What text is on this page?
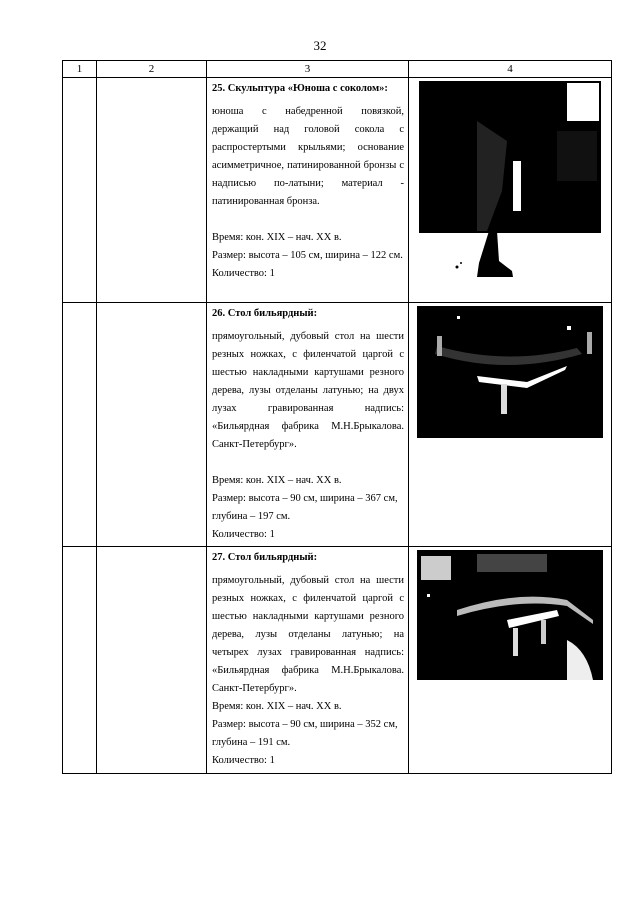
32
1	2	3	4

		25. Скульптура «Юноша с соколом»:
юноша с набедренной повязкой, держащий над головой сокола с распростертыми крыльями; основание асимметричное, патинированной бронзы с надписью по-латыни; материал - патинированная бронза.
Время: кон. XIX – нач. XX в.
Размер: высота – 105 см, ширина – 122 см.
Количество: 1

		26. Стол бильярдный:
прямоугольный, дубовый стол на шести резных ножках, с филенчатой царгой с шестью накладными картушами резного дерева, лузы отделаны латунью; на двух лузах гравированная надпись: «Бильярдная фабрика М.Н.Брыкалова. Санкт-Петербург».
Время: кон. XIX – нач. XX в.
Размер: высота – 90 см, ширина – 367 см, глубина – 197 см.
Количество: 1

		27. Стол бильярдный:
прямоугольный, дубовый стол на шести резных ножках, с филенчатой царгой с шестью накладными картушами резного дерева, лузы отделаны латунью; на четырех лузах гравированная надпись: «Бильярдная фабрика М.Н.Брыкалова. Санкт-Петербург».
Время: кон. XIX – нач. XX в.
Размер: высота – 90 см, ширина – 352 см, глубина – 191 см.
Количество: 1
